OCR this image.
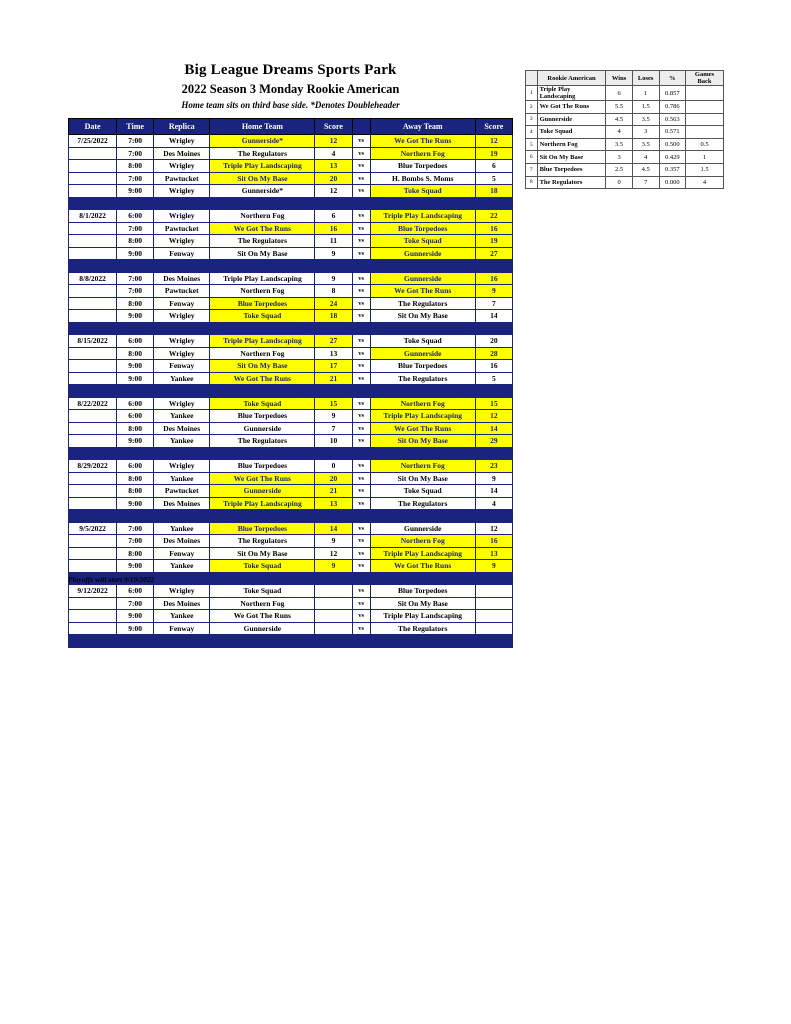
Big League Dreams Sports Park
2022 Season 3 Monday Rookie American
Home team sits on third base side. *Denotes Doubleheader
Date	Time	Replica	Home Team	Score		Away Team	Score
7/25/2022	7:00	Wrigley	Gunnerside*	12	vs	We Got The Runs	12
	7:00	Des Moines	The Regulators	4	vs	Northern Fog	19
	8:00	Wrigley	Triple Play Landscaping	13	vs	Blue Torpedoes	6
	7:00	Pawtucket	Sit On My Base	20	vs	H. Bombs S. Moms	5
	9:00	Wrigley	Gunnerside*	12	vs	Toke Squad	18

8/1/2022	6:00	Wrigley	Northern Fog	6	vs	Triple Play Landscaping	22
	7:00	Pawtucket	We Got The Runs	16	vs	Blue Torpedoes	16
	8:00	Wrigley	The Regulators	11	vs	Toke Squad	19
	9:00	Fenway	Sit On My Base	9	vs	Gunnerside	27

8/8/2022	7:00	Des Moines	Triple Play Landscaping	9	vs	Gunnerside	16
	7:00	Pawtucket	Northern Fog	8	vs	We Got The Runs	9
	8:00	Fenway	Blue Torpedoes	24	vs	The Regulators	7
	9:00	Wrigley	Toke Squad	18	vs	Sit On My Base	14

8/15/2022	6:00	Wrigley	Triple Play Landscaping	27	vs	Toke Squad	20
	8:00	Wrigley	Northern Fog	13	vs	Gunnerside	28
	9:00	Fenway	Sit On My Base	17	vs	Blue Torpedoes	16
	9:00	Yankee	We Got The Runs	21	vs	The Regulators	5

8/22/2022	6:00	Wrigley	Toke Squad	15	vs	Northern Fog	15
	6:00	Yankee	Blue Torpedoes	9	vs	Triple Play Landscaping	12
	8:00	Des Moines	Gunnerside	7	vs	We Got The Runs	14
	9:00	Yankee	The Regulators	10	vs	Sit On My Base	29

8/29/2022	6:00	Wrigley	Blue Torpedoes	0	vs	Northern Fog	23
	8:00	Yankee	We Got The Runs	20	vs	Sit On My Base	9
	8:00	Pawtucket	Gunnerside	21	vs	Toke Squad	14
	9:00	Des Moines	Triple Play Landscaping	13	vs	The Regulators	4

9/5/2022	7:00	Yankee	Blue Torpedoes	14	vs	Gunnerside	12
	7:00	Des Moines	The Regulators	9	vs	Northern Fog	16
	8:00	Fenway	Sit On My Base	12	vs	Triple Play Landscaping	13
	9:00	Yankee	Toke Squad	9	vs	We Got The Runs	9

9/12/2022	6:00	Wrigley	Toke Squad		vs	Blue Torpedoes	
	7:00	Des Moines	Northern Fog		vs	Sit On My Base	
	9:00	Yankee	We Got The Runs		vs	Triple Play Landscaping	
	9:00	Fenway	Gunnerside		vs	The Regulators	

Playoffs will start 9/19/2022
	Rookie American	Wins	Loses	%	Games Back
1	Triple Play Landscaping	6	1	0.857	
2	We Got The Runs	5.5	1.5	0.786	
3	Gunnerside	4.5	3.5	0.563	
4	Toke Squad	4	3	0.571	
5	Northern Fog	3.5	3.5	0.500	0.5
6	Sit On My Base	3	4	0.429	1
7	Blue Torpedoes	2.5	4.5	0.357	1.5
8	The Regulators	0	7	0.000	4
